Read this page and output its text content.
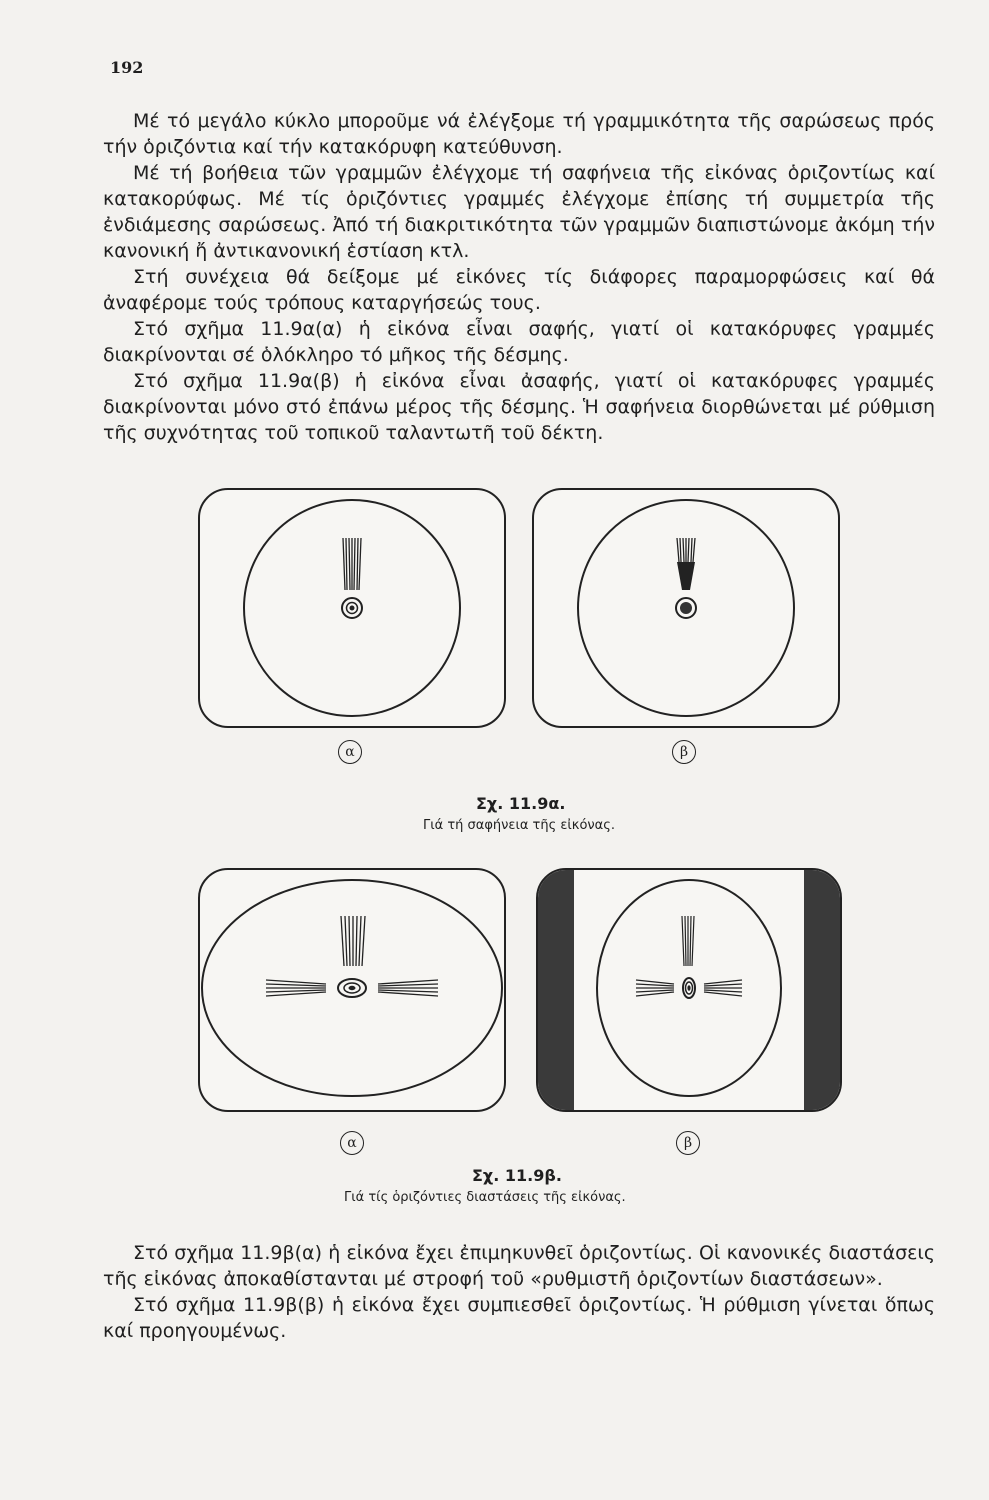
192

Μέ τό μεγάλο κύκλο μποροῦμε νά ἐλέγξομε τή γραμμικότητα τῆς σαρώσεως πρός τήν ὁριζόντια καί τήν κατακόρυφη κατεύθυνση.

Μέ τή βοήθεια τῶν γραμμῶν ἐλέγχομε τή σαφήνεια τῆς εἰκόνας ὁριζοντίως καί κατακορύφως. Μέ τίς ὁριζόντιες γραμμές ἐλέγχομε ἐπίσης τή συμμετρία τῆς ἐνδιάμεσης σαρώσεως. Ἀπό τή διακριτικότητα τῶν γραμμῶν διαπιστώνομε ἀκόμη τήν κανονική ἤ ἀντικανονική ἑστίαση κτλ.

Στή συνέχεια θά δείξομε μέ εἰκόνες τίς διάφορες παραμορφώσεις καί θά ἀναφέρομε τούς τρόπους καταργήσεώς τους.

Στό σχῆμα 11.9α(α) ἡ εἰκόνα εἶναι σαφής, γιατί οἱ κατακόρυφες γραμμές διακρίνονται σέ ὁλόκληρο τό μῆκος τῆς δέσμης.

Στό σχῆμα 11.9α(β) ἡ εἰκόνα εἶναι ἀσαφής, γιατί οἱ κατακόρυφες γραμμές διακρίνονται μόνο στό ἐπάνω μέρος τῆς δέσμης. Ἡ σαφήνεια διορθώνεται μέ ρύθμιση τῆς συχνότητας τοῦ τοπικοῦ ταλαντωτῆ τοῦ δέκτη.

α	β
Σχ. 11.9α.
Γιά τή σαφήνεια τῆς εἰκόνας.
α	β
Σχ. 11.9β.
Γιά τίς ὁριζόντιες διαστάσεις τῆς εἰκόνας.

Στό σχῆμα 11.9β(α) ἡ εἰκόνα ἔχει ἐπιμηκυνθεῖ ὁριζοντίως. Οἱ κανονικές διαστάσεις τῆς εἰκόνας ἀποκαθίστανται μέ στροφή τοῦ «ρυθμιστῆ ὁριζοντίων διαστάσεων».

Στό σχῆμα 11.9β(β) ἡ εἰκόνα ἔχει συμπιεσθεῖ ὁριζοντίως. Ἡ ρύθμιση γίνεται ὅπως καί προηγουμένως.
